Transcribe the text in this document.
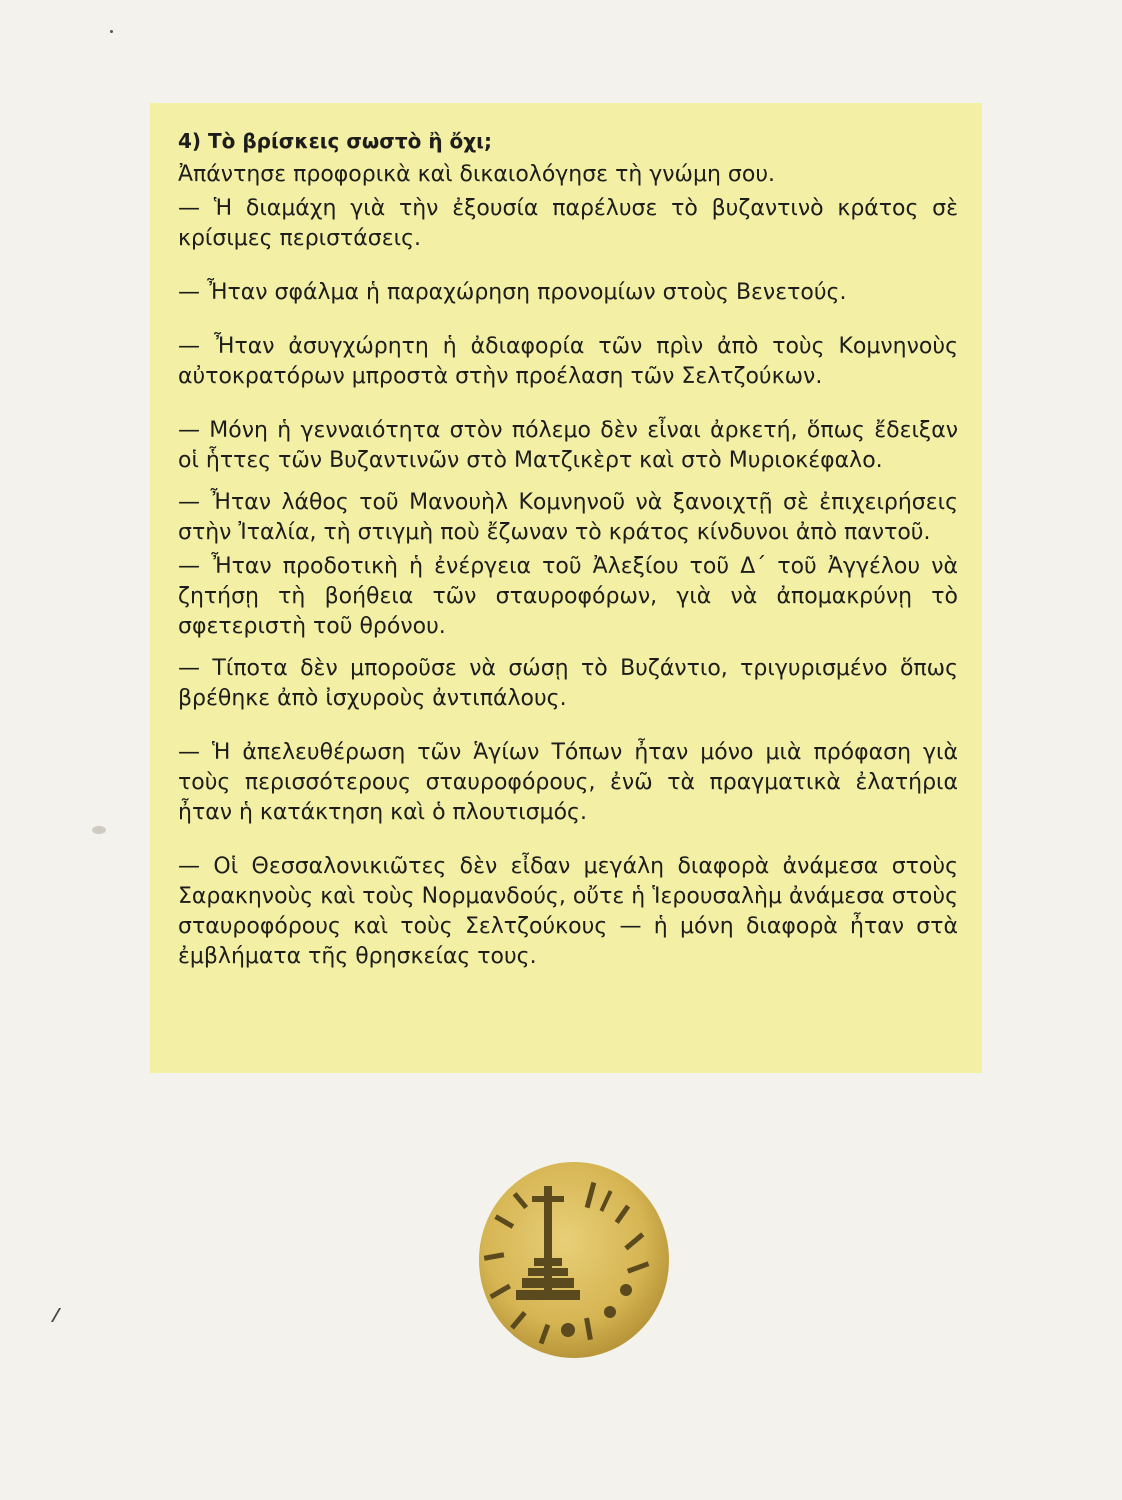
4) Τὸ βρίσκεις σωστὸ ἢ ὄχι;

Ἀπάντησε προφορικὰ καὶ δικαιολόγησε τὴ γνώμη σου.

— Ἡ διαμάχη γιὰ τὴν ἐξουσία παρέλυσε τὸ βυζαντινὸ κράτος σὲ κρίσιμες περιστάσεις.

— Ἦταν σφάλμα ἡ παραχώρηση προνομίων στοὺς Βενετούς.

— Ἦταν ἀσυγχώρητη ἡ ἀδιαφορία τῶν πρὶν ἀπὸ τοὺς Κομνηνοὺς αὐτοκρατόρων μπροστὰ στὴν προέλαση τῶν Σελτζούκων.

— Μόνη ἡ γενναιότητα στὸν πόλεμο δὲν εἶναι ἀρκετή, ὅπως ἔδειξαν οἱ ἧττες τῶν Βυζαντινῶν στὸ Ματζικὲρτ καὶ στὸ Μυριοκέφαλο.

— Ἦταν λάθος τοῦ Μανουὴλ Κομνηνοῦ νὰ ξανοιχτῇ σὲ ἐπιχειρήσεις στὴν Ἰταλία, τὴ στιγμὴ ποὺ ἔζωναν τὸ κράτος κίνδυνοι ἀπὸ παντοῦ.

— Ἦταν προδοτικὴ ἡ ἐνέργεια τοῦ Ἀλεξίου τοῦ Δ΄ τοῦ Ἀγγέλου νὰ ζητήσῃ τὴ βοήθεια τῶν σταυροφόρων, γιὰ νὰ ἀπομακρύνῃ τὸ σφετεριστὴ τοῦ θρόνου.

— Τίποτα δὲν μποροῦσε νὰ σώσῃ τὸ Βυζάντιο, τριγυρισμένο ὅπως βρέθηκε ἀπὸ ἰσχυροὺς ἀντιπάλους.

— Ἡ ἀπελευθέρωση τῶν Ἁγίων Τόπων ἦταν μόνο μιὰ πρόφαση γιὰ τοὺς περισσότερους σταυροφόρους, ἐνῶ τὰ πραγματικὰ ἐλατήρια ἦταν ἡ κατάκτηση καὶ ὁ πλουτισμός.

— Οἱ Θεσσαλονικιῶτες δὲν εἶδαν μεγάλη διαφορὰ ἀνάμεσα στοὺς Σαρακηνοὺς καὶ τοὺς Νορμανδούς, οὔτε ἡ Ἱερουσαλὴμ ἀνάμεσα στοὺς σταυροφόρους καὶ τοὺς Σελτζούκους — ἡ μόνη διαφορὰ ἦταν στὰ ἐμβλήματα τῆς θρησκείας τους.
